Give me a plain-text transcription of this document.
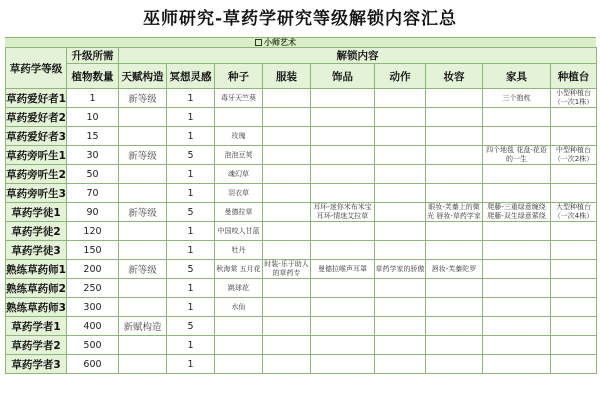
巫师研究-草药学研究等级解锁内容汇总
小师艺术
草药学等级	升级所需	解锁内容								
	植物数量	天赋构造	冥想灵感	种子	服装	饰品	动作	妆容	家具	种植台
草药爱好者1	1	新等级	1	毒牙天竺葵					三个抱枕	小型种植台（一次1株）
草药爱好者2	10		1							
草药爱好者3	15		1	玫瑰						
草药旁听生1	30	新等级	5	泡泡豆荚					四个地毯 花盘-花语的一生	中型种植台（一次2株）
草药旁听生2	50		1	魂幻草						
草药旁听生3	70		1	羽衣草						
草药学徒1	90	新等级	5	曼德拉草		耳环-迷你米布米宝 耳环-情迷艾拉草		眼妆-芙蓁上的微光 唇妆-草药学家	爬藤-三重绿意缠绕 爬藤-双生绿意萦绕	大型种植台（一次4株）
草药学徒2	120		1	中国咬人甘蓝						
草药学徒3	150		1	牡丹						
熟练草药师1	200	新等级	5	秋海棠 五月花	时装-乐于助人的草药专	曼德拉喉声耳罩	草药学家的骄傲	唇妆-芙蓁陀罗		
熟练草药师2	250		1	跳球花						
熟练草药师3	300		1	水仙						
草药学者1	400	新赋构造	5							
草药学者2	500		1							
草药学者3	600		1							
